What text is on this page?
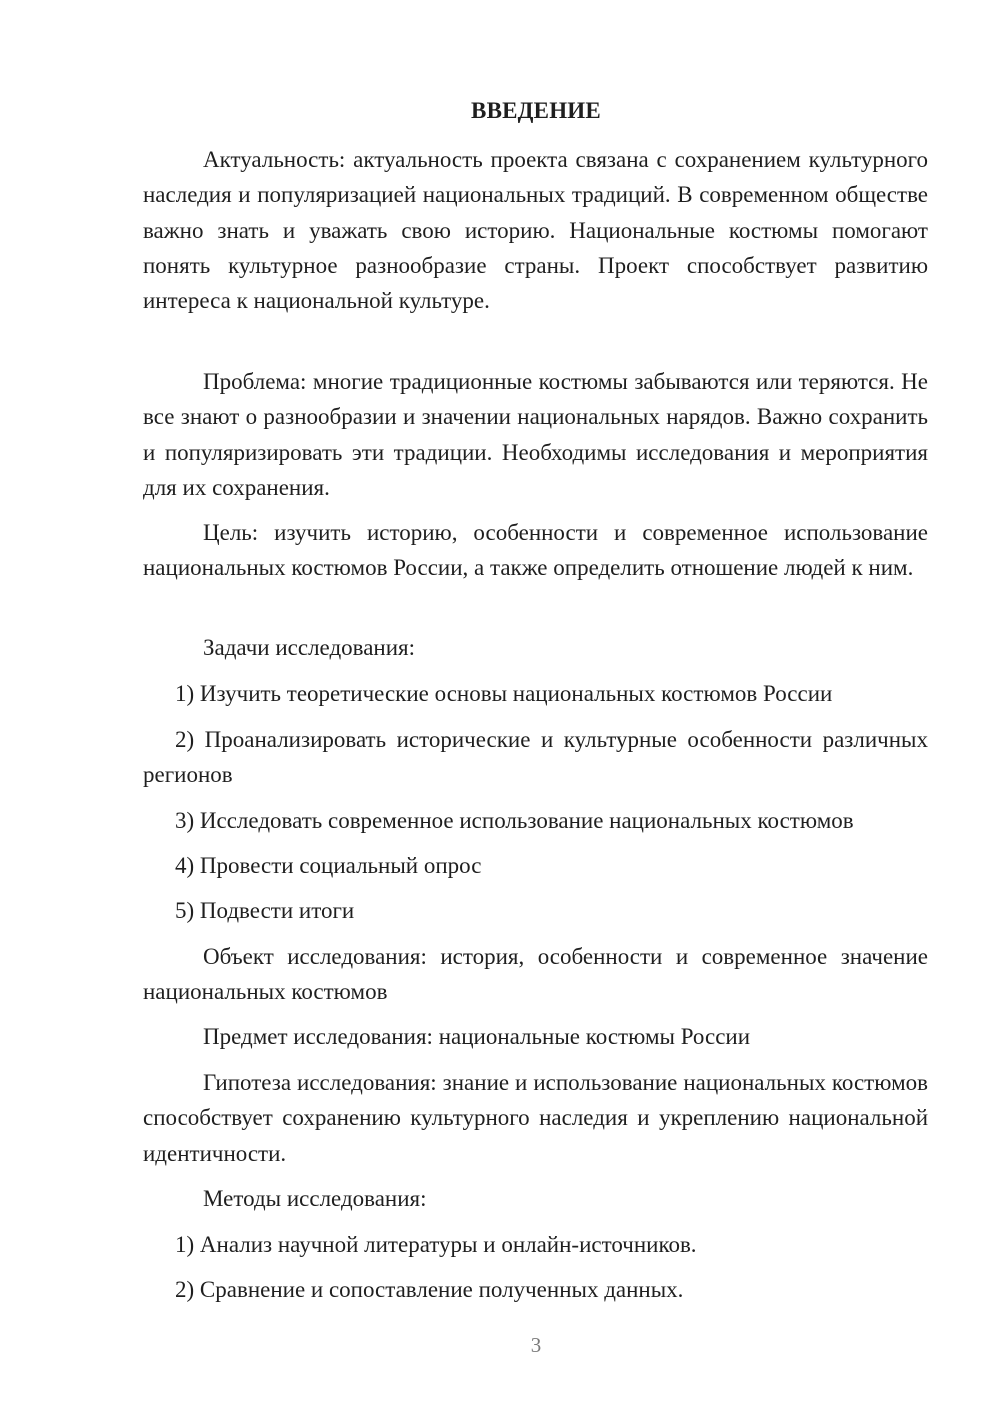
ВВЕДЕНИЕ
Актуальность: актуальность проекта связана с сохранением культурного наследия и популяризацией национальных традиций. В современном обществе важно знать и уважать свою историю. Национальные костюмы помогают понять культурное разнообразие страны. Проект способствует развитию интереса к национальной культуре.
Проблема: многие традиционные костюмы забываются или теряются. Не все знают о разнообразии и значении национальных нарядов. Важно сохранить и популяризировать эти традиции. Необходимы исследования и мероприятия для их сохранения.
Цель: изучить историю, особенности и современное использование национальных костюмов России, а также определить отношение людей к ним.
Задачи исследования:
1) Изучить теоретические основы национальных костюмов России
2) Проанализировать исторические и культурные особенности различных регионов
3) Исследовать современное использование национальных костюмов
4) Провести социальный опрос
5) Подвести итоги
Объект исследования: история, особенности и современное значение национальных костюмов
Предмет исследования: национальные костюмы России
Гипотеза исследования: знание и использование национальных костюмов способствует сохранению культурного наследия и укреплению национальной идентичности.
Методы исследования:
1) Анализ научной литературы и онлайн-источников.
2) Сравнение и сопоставление полученных данных.
3
